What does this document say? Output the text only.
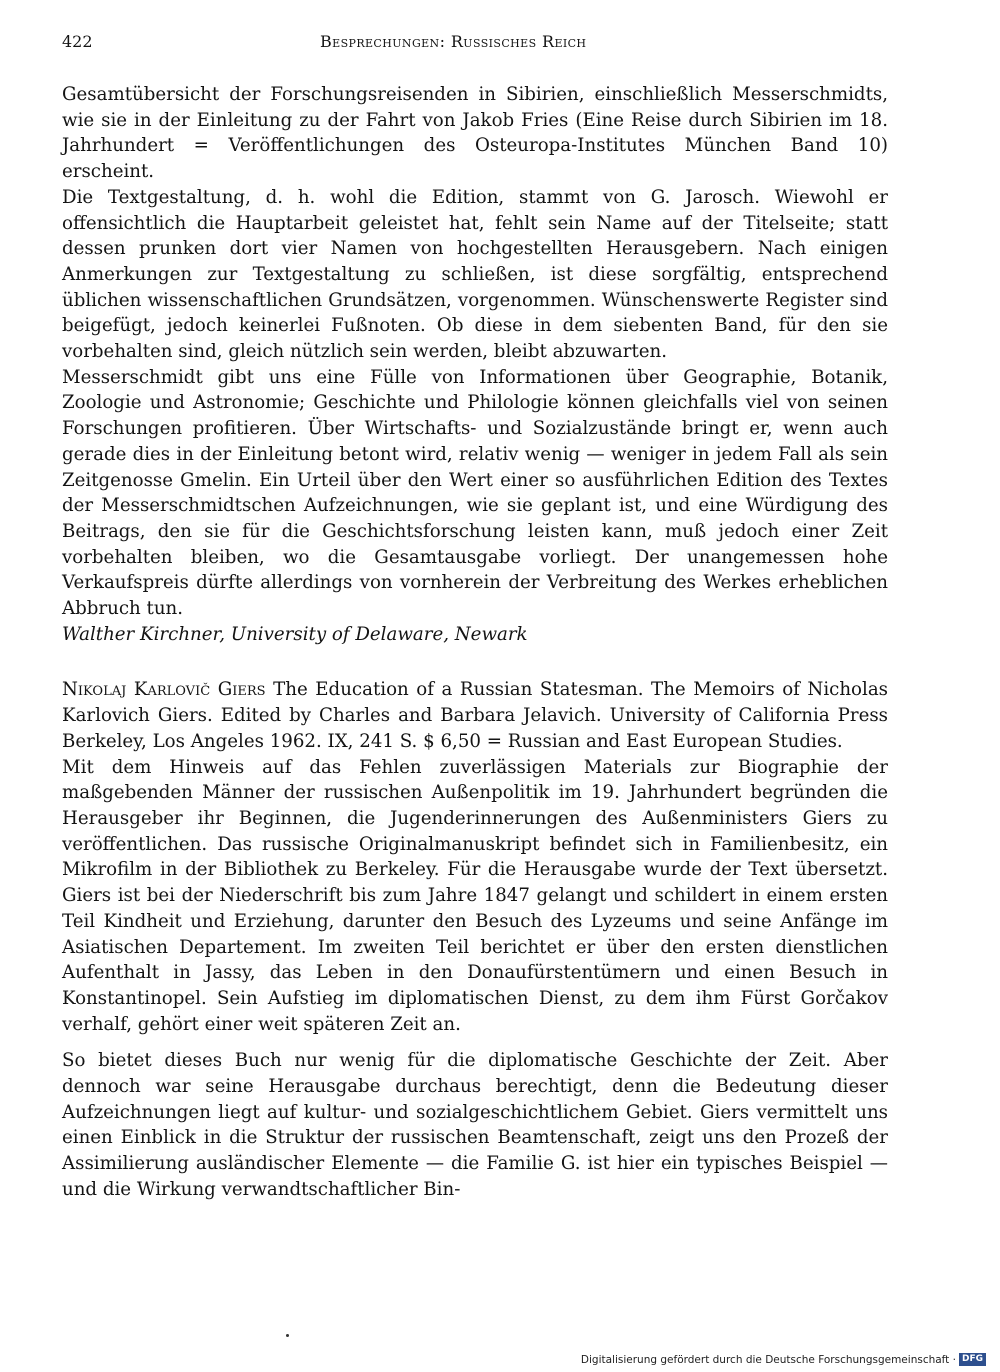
422	Besprechungen: Russisches Reich

Gesamtübersicht der Forschungsreisenden in Sibirien, einschließlich Messerschmidts, wie sie in der Einleitung zu der Fahrt von Jakob Fries (Eine Reise durch Sibirien im 18. Jahrhundert = Veröffentlichungen des Osteuropa-Institutes München Band 10) erscheint.

Die Textgestaltung, d. h. wohl die Edition, stammt von G. Jarosch. Wiewohl er offensichtlich die Hauptarbeit geleistet hat, fehlt sein Name auf der Titelseite; statt dessen prunken dort vier Namen von hochgestellten Herausgebern. Nach einigen Anmerkungen zur Textgestaltung zu schließen, ist diese sorgfältig, entsprechend üblichen wissenschaftlichen Grundsätzen, vorgenommen. Wünschenswerte Register sind beigefügt, jedoch keinerlei Fußnoten. Ob diese in dem siebenten Band, für den sie vorbehalten sind, gleich nützlich sein werden, bleibt abzuwarten.

Messerschmidt gibt uns eine Fülle von Informationen über Geographie, Botanik, Zoologie und Astronomie; Geschichte und Philologie können gleichfalls viel von seinen Forschungen profitieren. Über Wirtschafts- und Sozialzustände bringt er, wenn auch gerade dies in der Einleitung betont wird, relativ wenig — weniger in jedem Fall als sein Zeitgenosse Gmelin. Ein Urteil über den Wert einer so ausführlichen Edition des Textes der Messerschmidtschen Aufzeichnungen, wie sie geplant ist, und eine Würdigung des Beitrags, den sie für die Geschichtsforschung leisten kann, muß jedoch einer Zeit vorbehalten bleiben, wo die Gesamtausgabe vorliegt. Der unangemessen hohe Verkaufspreis dürfte allerdings von vornherein der Verbreitung des Werkes erheblichen Abbruch tun.

Walther Kirchner, University of Delaware, Newark

Nikolaj Karlovič Giers The Education of a Russian Statesman. The Memoirs of Nicholas Karlovich Giers. Edited by Charles and Barbara Jelavich. University of California Press Berkeley, Los Angeles 1962. IX, 241 S. $ 6,50 = Russian and East European Studies.

Mit dem Hinweis auf das Fehlen zuverlässigen Materials zur Biographie der maßgebenden Männer der russischen Außenpolitik im 19. Jahrhundert begründen die Herausgeber ihr Beginnen, die Jugenderinnerungen des Außenministers Giers zu veröffentlichen. Das russische Originalmanuskript befindet sich in Familienbesitz, ein Mikrofilm in der Bibliothek zu Berkeley. Für die Herausgabe wurde der Text übersetzt. Giers ist bei der Niederschrift bis zum Jahre 1847 gelangt und schildert in einem ersten Teil Kindheit und Erziehung, darunter den Besuch des Lyzeums und seine Anfänge im Asiatischen Departement. Im zweiten Teil berichtet er über den ersten dienstlichen Aufenthalt in Jassy, das Leben in den Donaufürstentümern und einen Besuch in Konstantinopel. Sein Aufstieg im diplomatischen Dienst, zu dem ihm Fürst Gorčakov verhalf, gehört einer weit späteren Zeit an.

So bietet dieses Buch nur wenig für die diplomatische Geschichte der Zeit. Aber dennoch war seine Herausgabe durchaus berechtigt, denn die Bedeutung dieser Aufzeichnungen liegt auf kultur- und sozialgeschichtlichem Gebiet. Giers vermittelt uns einen Einblick in die Struktur der russischen Beamtenschaft, zeigt uns den Prozeß der Assimilierung ausländischer Elemente — die Familie G. ist hier ein typisches Beispiel — und die Wirkung verwandtschaftlicher Bin-

Digitalisierung gefördert durch die Deutsche Forschungsgemeinschaft · DFG
